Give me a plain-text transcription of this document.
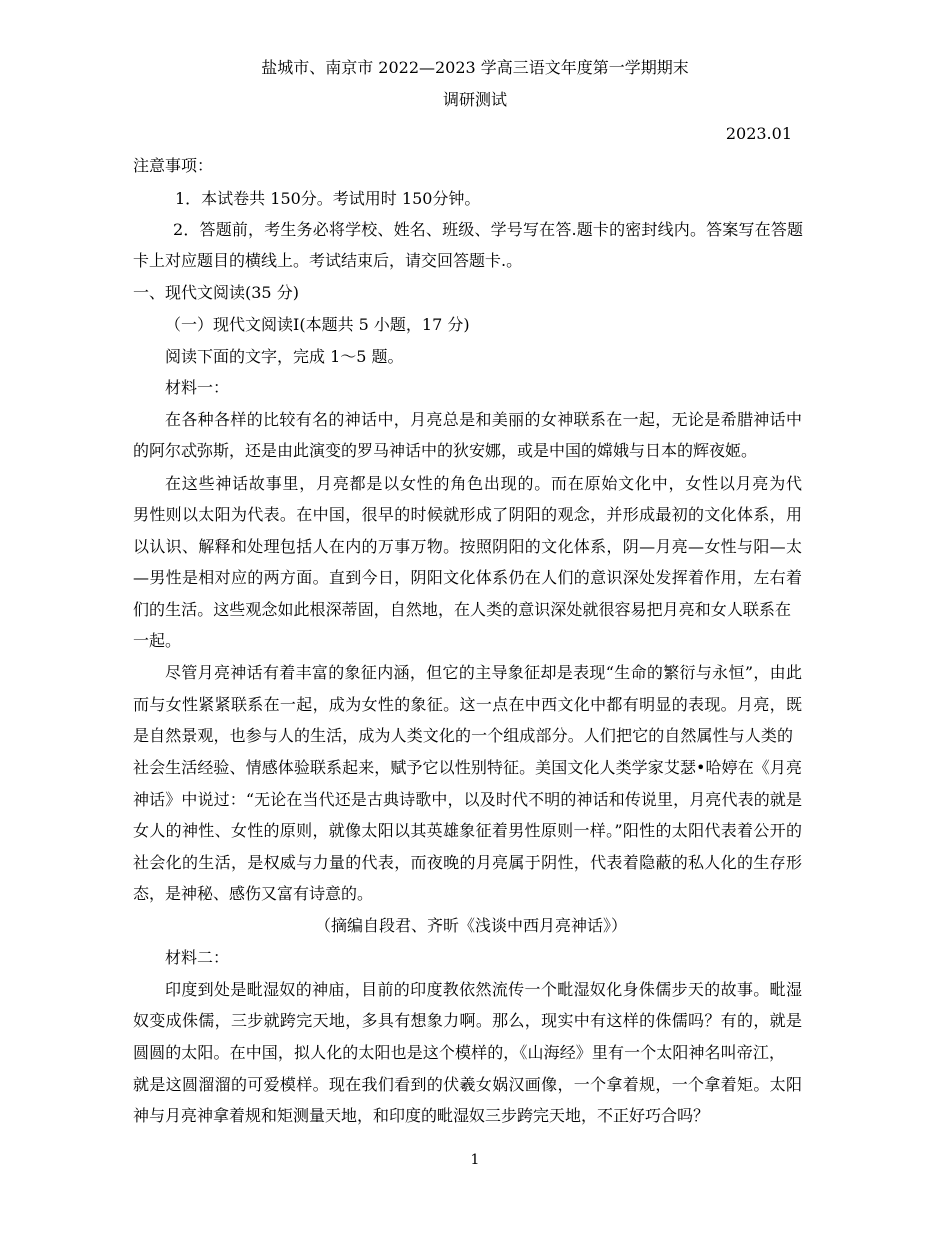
盐城市、南京市 2022—2023 学高三语文年度第一学期期末
调研测试
2023.01
注意事项：
1．本试卷共 150分。考试用时 150分钟。
2．答题前，考生务必将学校、姓名、班级、学号写在答.题卡的密封线内。答案写在答题
卡上对应题目的横线上。考试结束后，请交回答题卡.。
一、现代文阅读(35 分)
（一）现代文阅读Ⅰ(本题共 5 小题，17 分)
阅读下面的文字，完成 1～5 题。
材料一：
在各种各样的比较有名的神话中，月亮总是和美丽的女神联系在一起，无论是希腊神话中
的阿尔忒弥斯，还是由此演变的罗马神话中的狄安娜，或是中国的嫦娥与日本的辉夜姬。
在这些神话故事里，月亮都是以女性的角色出现的。而在原始文化中，女性以月亮为代
男性则以太阳为代表。在中国，很早的时候就形成了阴阳的观念，并形成最初的文化体系，用
以认识、解释和处理包括人在内的万事万物。按照阴阳的文化体系，阴—月亮—女性与阳—太
—男性是相对应的两方面。直到今日，阴阳文化体系仍在人们的意识深处发挥着作用，左右着
们的生活。这些观念如此根深蒂固，自然地，在人类的意识深处就很容易把月亮和女人联系在
一起。
尽管月亮神话有着丰富的象征内涵，但它的主导象征却是表现“生命的繁衍与永恒”，由此
而与女性紧紧联系在一起，成为女性的象征。这一点在中西文化中都有明显的表现。月亮，既
是自然景观，也参与人的生活，成为人类文化的一个组成部分。人们把它的自然属性与人类的
社会生活经验、情感体验联系起来，赋予它以性别特征。美国文化人类学家艾瑟•哈婷在《月亮
神话》中说过：“无论在当代还是古典诗歌中，以及时代不明的神话和传说里，月亮代表的就是
女人的神性、女性的原则，就像太阳以其英雄象征着男性原则一样。”阳性的太阳代表着公开的
社会化的生活，是权威与力量的代表，而夜晚的月亮属于阴性，代表着隐蔽的私人化的生存形
态，是神秘、感伤又富有诗意的。
（摘编自段君、齐昕《浅谈中西月亮神话》）
材料二：
印度到处是毗湿奴的神庙，目前的印度教依然流传一个毗湿奴化身侏儒步天的故事。毗湿
奴变成侏儒，三步就跨完天地，多具有想象力啊。那么，现实中有这样的侏儒吗？有的，就是
圆圆的太阳。在中国，拟人化的太阳也是这个模样的，《山海经》里有一个太阳神名叫帝江，
就是这圆溜溜的可爱模样。现在我们看到的伏羲女娲汉画像，一个拿着规，一个拿着矩。太阳
神与月亮神拿着规和矩测量天地，和印度的毗湿奴三步跨完天地，不正好巧合吗？
1
